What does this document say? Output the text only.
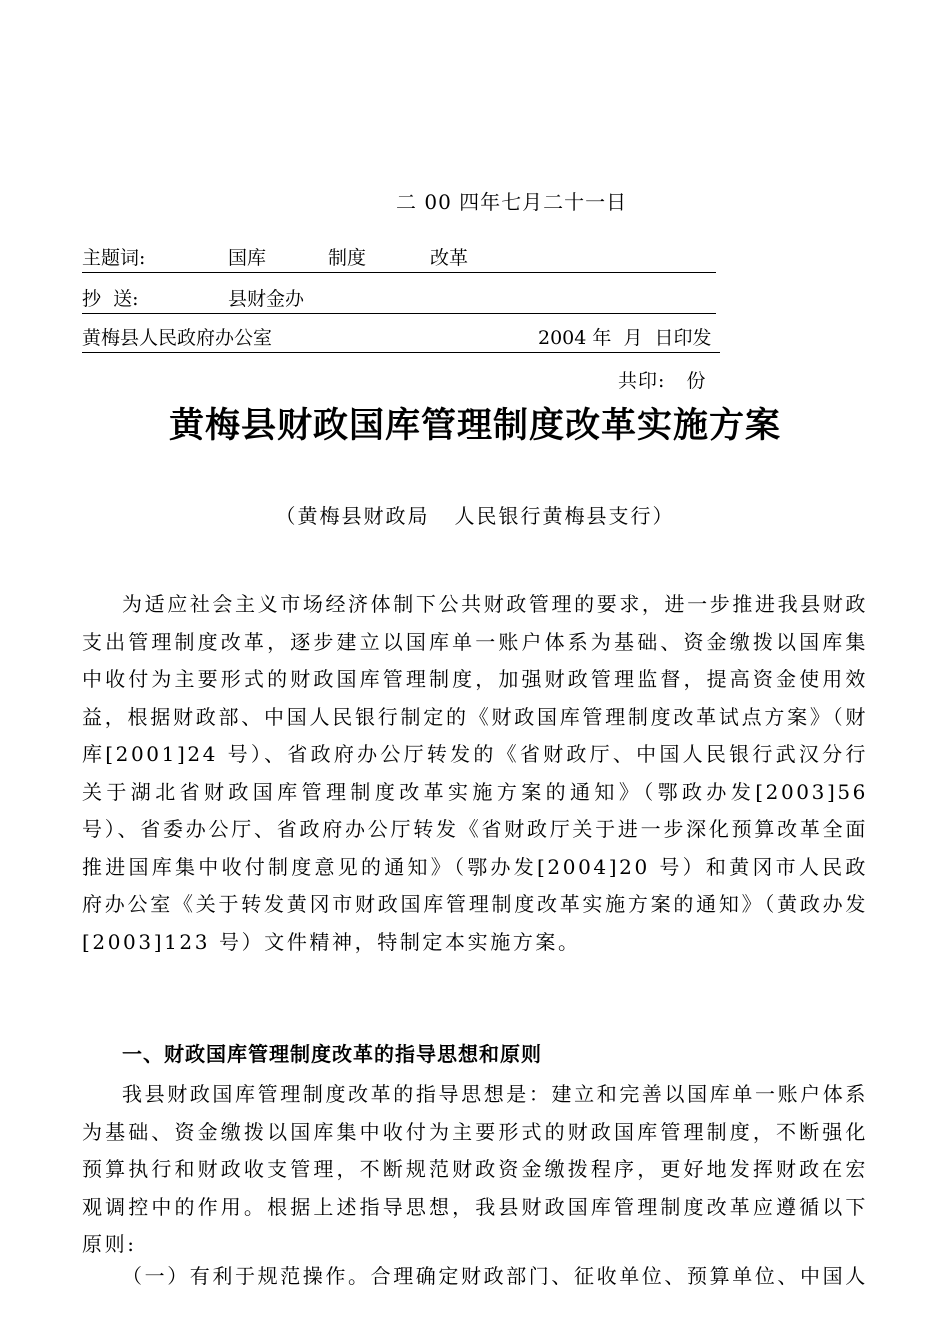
二 00 四年七月二十一日
主题词:	国库	制度	改革
抄  送:	县财金办
黄梅县人民政府办公室	2004 年  月  日印发
共印:   份
黄梅县财政国库管理制度改革实施方案
（黄梅县财政局   人民银行黄梅县支行）

为适应社会主义市场经济体制下公共财政管理的要求，进一步推进我县财政支出管理制度改革，逐步建立以国库单一账户体系为基础、资金缴拨以国库集中收付为主要形式的财政国库管理制度，加强财政管理监督，提高资金使用效益，根据财政部、中国人民银行制定的《财政国库管理制度改革试点方案》（财库[2001]24 号）、省政府办公厅转发的《省财政厅、中国人民银行武汉分行关于湖北省财政国库管理制度改革实施方案的通知》（鄂政办发[2003]56 号）、省委办公厅、省政府办公厅转发《省财政厅关于进一步深化预算改革全面推进国库集中收付制度意见的通知》（鄂办发[2004]20 号）和黄冈市人民政府办公室《关于转发黄冈市财政国库管理制度改革实施方案的通知》（黄政办发[2003]123 号）文件精神，特制定本实施方案。

一、财政国库管理制度改革的指导思想和原则

我县财政国库管理制度改革的指导思想是：建立和完善以国库单一账户体系为基础、资金缴拨以国库集中收付为主要形式的财政国库管理制度，不断强化预算执行和财政收支管理，不断规范财政资金缴拨程序，更好地发挥财政在宏观调控中的作用。根据上述指导思想，我县财政国库管理制度改革应遵循以下原则:

（一）有利于规范操作。合理确定财政部门、征收单位、预算单位、中国人
